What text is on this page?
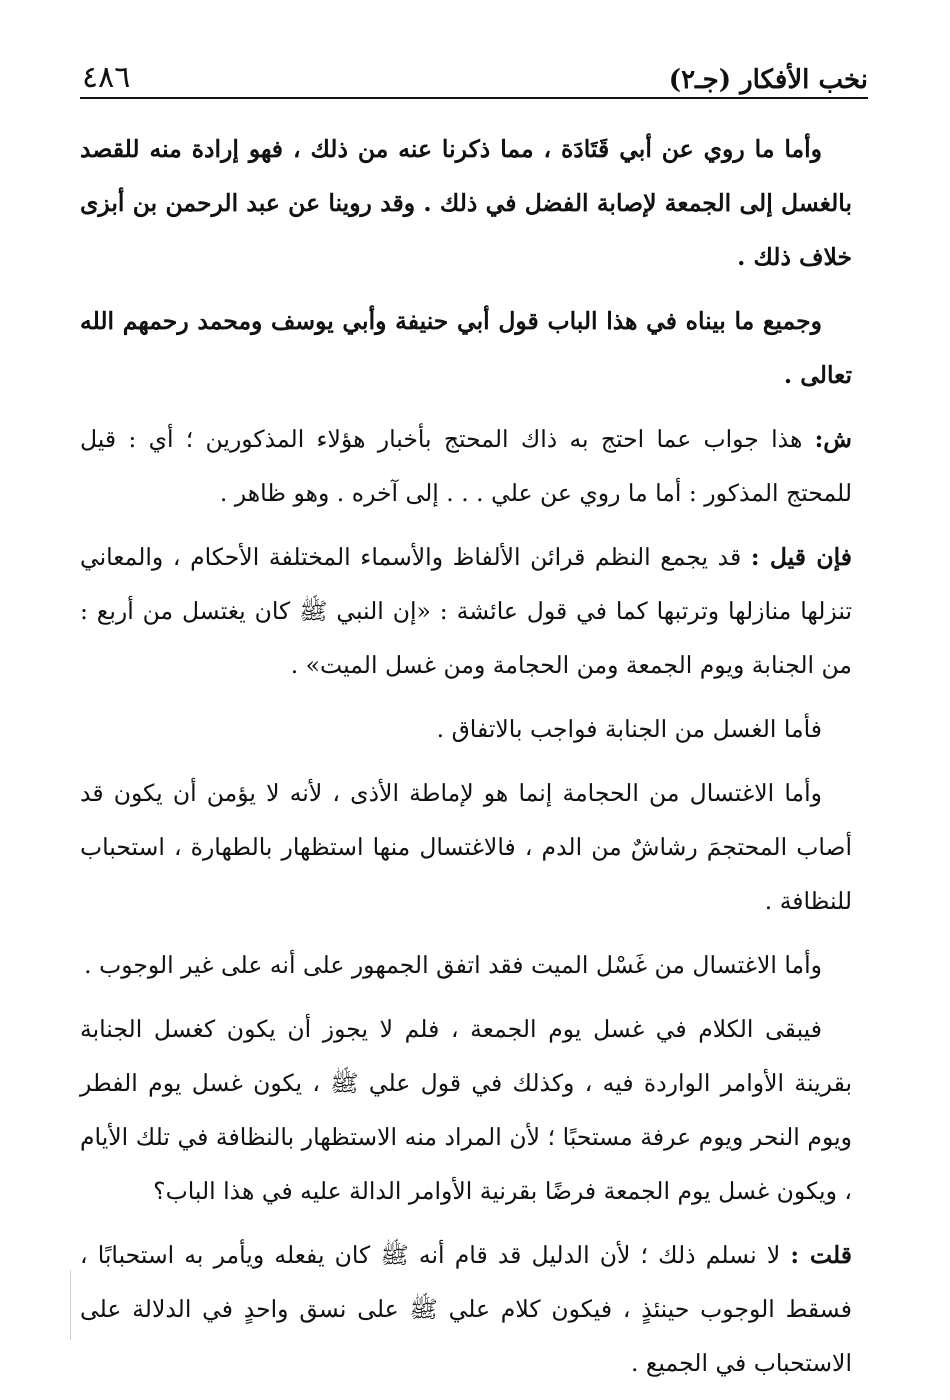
نخب الأفكار (جـ٢)
٤٨٦

وأما ما روي عن أبي قَتَادَة ، مما ذكرنا عنه من ذلك ، فهو إرادة منه للقصد بالغسل إلى الجمعة لإصابة الفضل في ذلك . وقد روينا عن عبد الرحمن بن أبزى خلاف ذلك .

وجميع ما بيناه في هذا الباب قول أبي حنيفة وأبي يوسف ومحمد رحمهم الله تعالى .

ش: هذا جواب عما احتج به ذاك المحتج بأخبار هؤلاء المذكورين ؛ أي : قيل للمحتج المذكور : أما ما روي عن علي . . . إلى آخره . وهو ظاهر .

فإن قيل : قد يجمع النظم قرائن الألفاظ والأسماء المختلفة الأحكام ، والمعاني تنزلها منازلها وترتبها كما في قول عائشة : «إن النبي ﷺ كان يغتسل من أربع : من الجنابة ويوم الجمعة ومن الحجامة ومن غسل الميت» .

فأما الغسل من الجنابة فواجب بالاتفاق .

وأما الاغتسال من الحجامة إنما هو لإماطة الأذى ، لأنه لا يؤمن أن يكون قد أصاب المحتجمَ رشاشٌ من الدم ، فالاغتسال منها استظهار بالطهارة ، استحباب للنظافة .

وأما الاغتسال من غَسْل الميت فقد اتفق الجمهور على أنه على غير الوجوب .

فيبقى الكلام في غسل يوم الجمعة ، فلم لا يجوز أن يكون كغسل الجنابة بقرينة الأوامر الواردة فيه ، وكذلك في قول علي ﷺ ، يكون غسل يوم الفطر ويوم النحر ويوم عرفة مستحبًا ؛ لأن المراد منه الاستظهار بالنظافة في تلك الأيام ، ويكون غسل يوم الجمعة فرضًا بقرنية الأوامر الدالة عليه في هذا الباب؟

قلت : لا نسلم ذلك ؛ لأن الدليل قد قام أنه ﷺ كان يفعله ويأمر به استحبابًا ، فسقط الوجوب حينئذٍ ، فيكون كلام علي ﷺ على نسق واحدٍ في الدلالة على الاستحباب في الجميع .
